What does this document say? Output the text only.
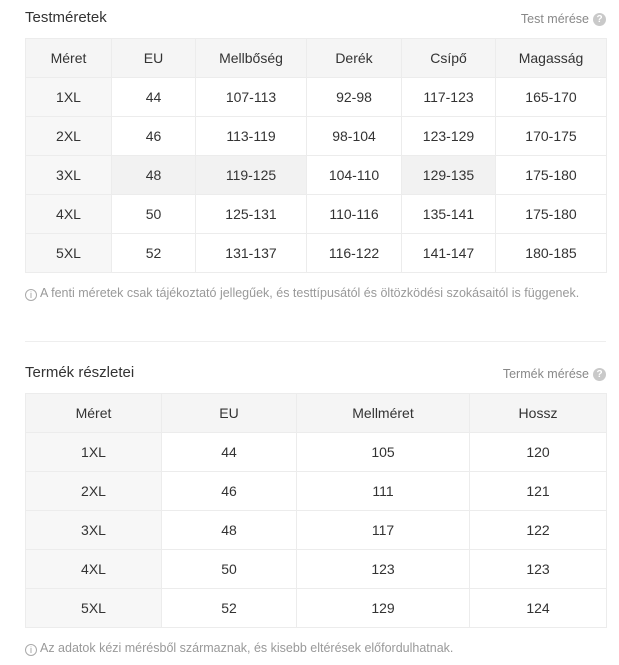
Testméretek	Test mérése ?
Méret	EU	Mellbőség	Derék	Csípő	Magasság
1XL	44	107-113	92-98	117-123	165-170
2XL	46	113-119	98-104	123-129	170-175
3XL	48	119-125	104-110	129-135	175-180
4XL	50	125-131	110-116	135-141	175-180
5XL	52	131-137	116-122	141-147	180-185
i A fenti méretek csak tájékoztató jellegűek, és testtípusától és öltözködési szokásaitól is függenek.
Termék részletei	Termék mérése ?
Méret	EU	Mellméret	Hossz
1XL	44	105	120
2XL	46	111	121
3XL	48	117	122
4XL	50	123	123
5XL	52	129	124
i Az adatok kézi mérésből származnak, és kisebb eltérések előfordulhatnak.
